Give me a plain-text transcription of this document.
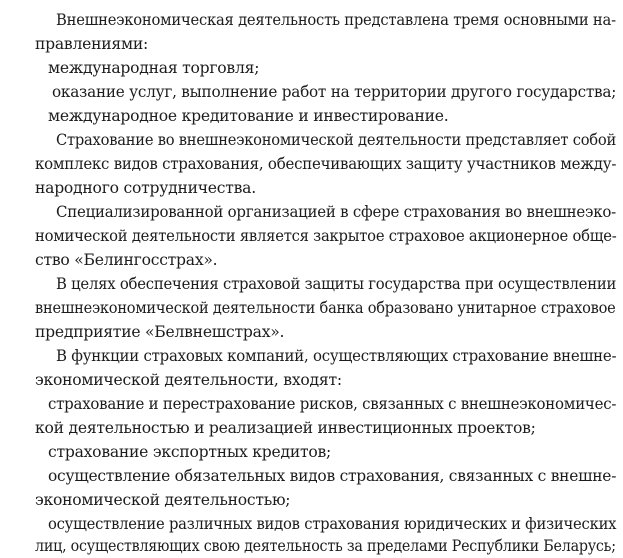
Внешнеэкономическая деятельность представлена тремя основными на-
правлениями:
международная торговля;
оказание услуг, выполнение работ на территории другого государства;
международное кредитование и инвестирование.
Страхование во внешнеэкономической деятельности представляет собой
комплекс видов страхования, обеспечивающих защиту участников между-
народного сотрудничества.
Специализированной организацией в сфере страхования во внешнеэко-
номической деятельности является закрытое страховое акционерное обще-
ство «Белингосстрах».
В целях обеспечения страховой защиты государства при осуществлении
внешнеэкономической деятельности банка образовано унитарное страховое
предприятие «Белвнешстрах».
В функции страховых компаний, осуществляющих страхование внешне-
экономической деятельности, входят:
страхование и перестрахование рисков, связанных с внешнеэкономичес-
кой деятельностью и реализацией инвестиционных проектов;
страхование экспортных кредитов;
осуществление обязательных видов страхования, связанных с внешне-
экономической деятельностью;
осуществление различных видов страхования юридических и физических
лиц, осуществляющих свою деятельность за пределами Республики Беларусь;
